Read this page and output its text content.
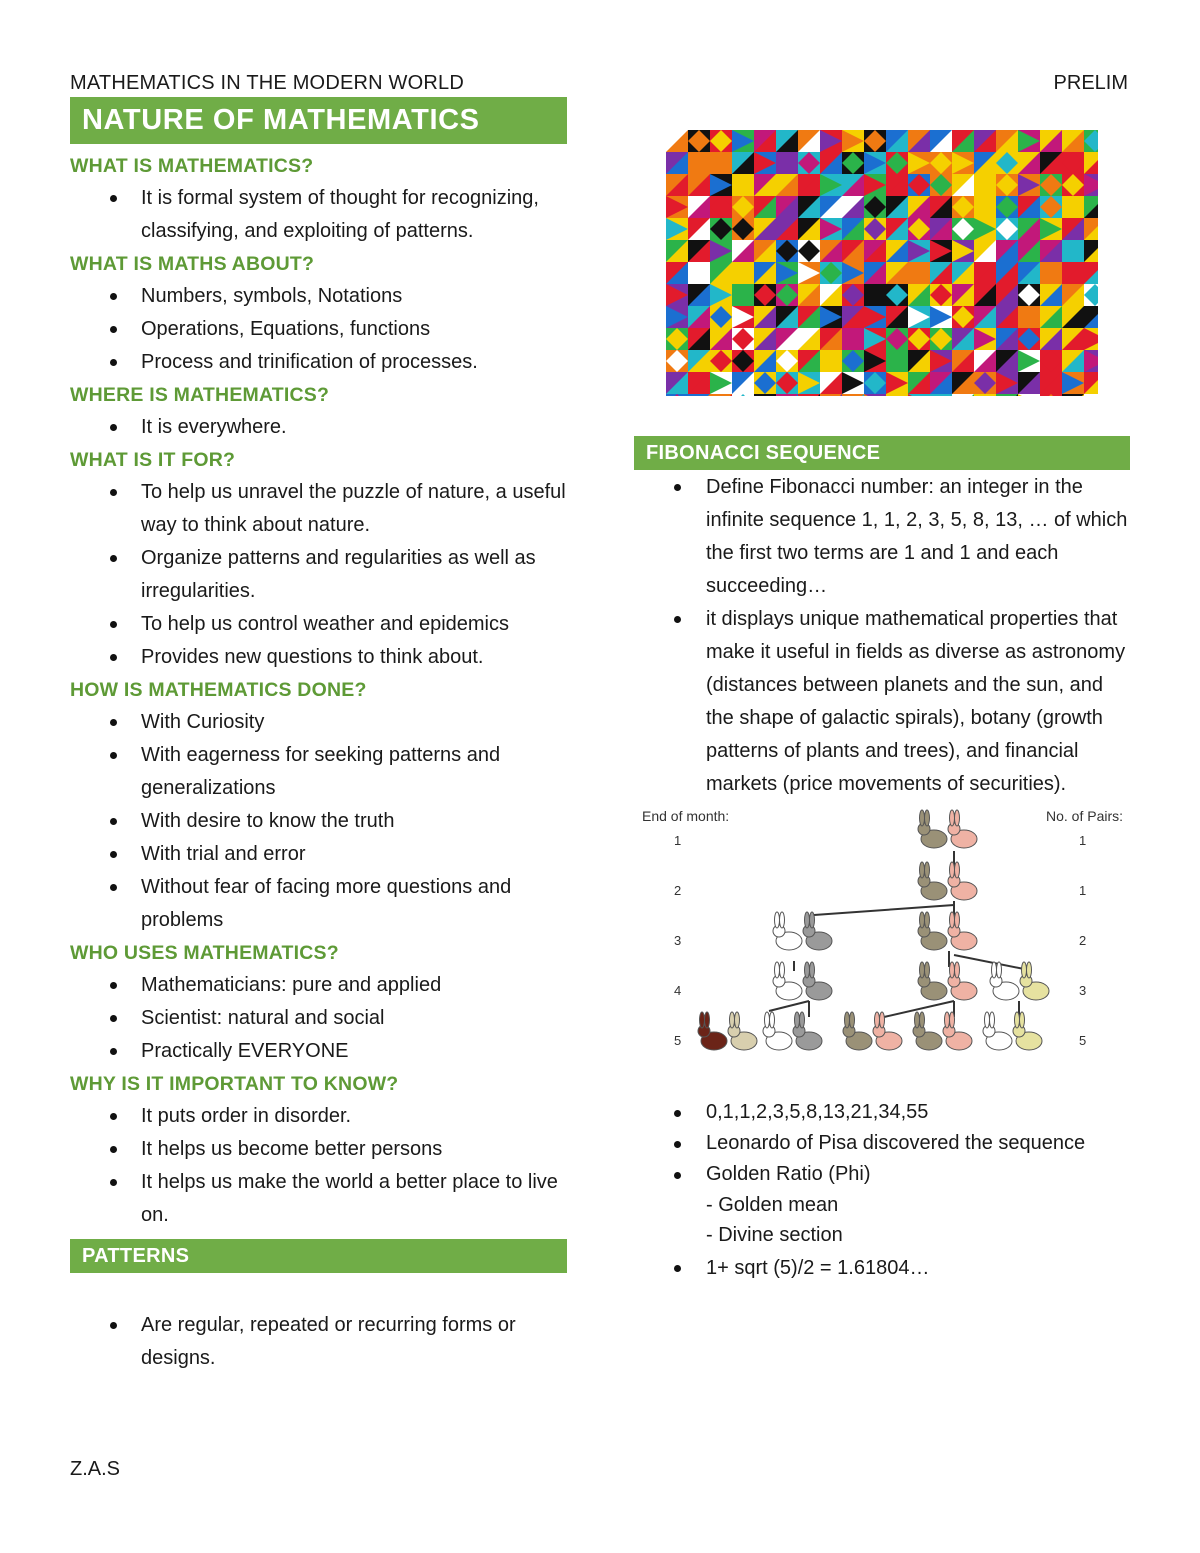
MATHEMATICS IN THE MODERN WORLD	PRELIM
NATURE OF MATHEMATICS
WHAT IS MATHEMATICS?
It is formal system of thought for recognizing, classifying, and exploiting of patterns.
WHAT IS MATHS ABOUT?
Numbers, symbols, Notations
Operations, Equations, functions
Process and trinification of processes.
WHERE IS MATHEMATICS?
It is everywhere.
WHAT IS IT FOR?
To help us unravel the puzzle of nature, a useful way to think about nature.
Organize patterns and regularities as well as irregularities.
To help us control weather and epidemics
Provides new questions to think about.
HOW IS MATHEMATICS DONE?
With Curiosity
With eagerness for seeking patterns and generalizations
With desire to know the truth
With trial and error
Without fear of facing more questions and problems
WHO USES MATHEMATICS?
Mathematicians: pure and applied
Scientist: natural and social
Practically EVERYONE
WHY IS IT IMPORTANT TO KNOW?
It puts order in disorder.
It helps us become better persons
It helps us make the world a better place to live on.
PATTERNS
Are regular, repeated or recurring forms or designs.
FIBONACCI SEQUENCE
Define Fibonacci number: an integer in the infinite sequence 1, 1, 2, 3, 5, 8, 13, … of which the first two terms are 1 and 1 and each succeeding…
it displays unique mathematical properties that make it useful in fields as diverse as astronomy (distances between planets and the sun, and the shape of galactic spirals), botany (growth patterns of plants and trees), and financial markets (price movements of securities).
End of month:	No. of Pairs:
1
2
3
4
5
1
1
2
3
5
0,1,1,2,3,5,8,13,21,34,55
Leonardo of Pisa discovered the sequence
Golden Ratio (Phi)
- Golden mean
- Divine section
1+ sqrt (5)/2 = 1.61804…
Z.A.S
